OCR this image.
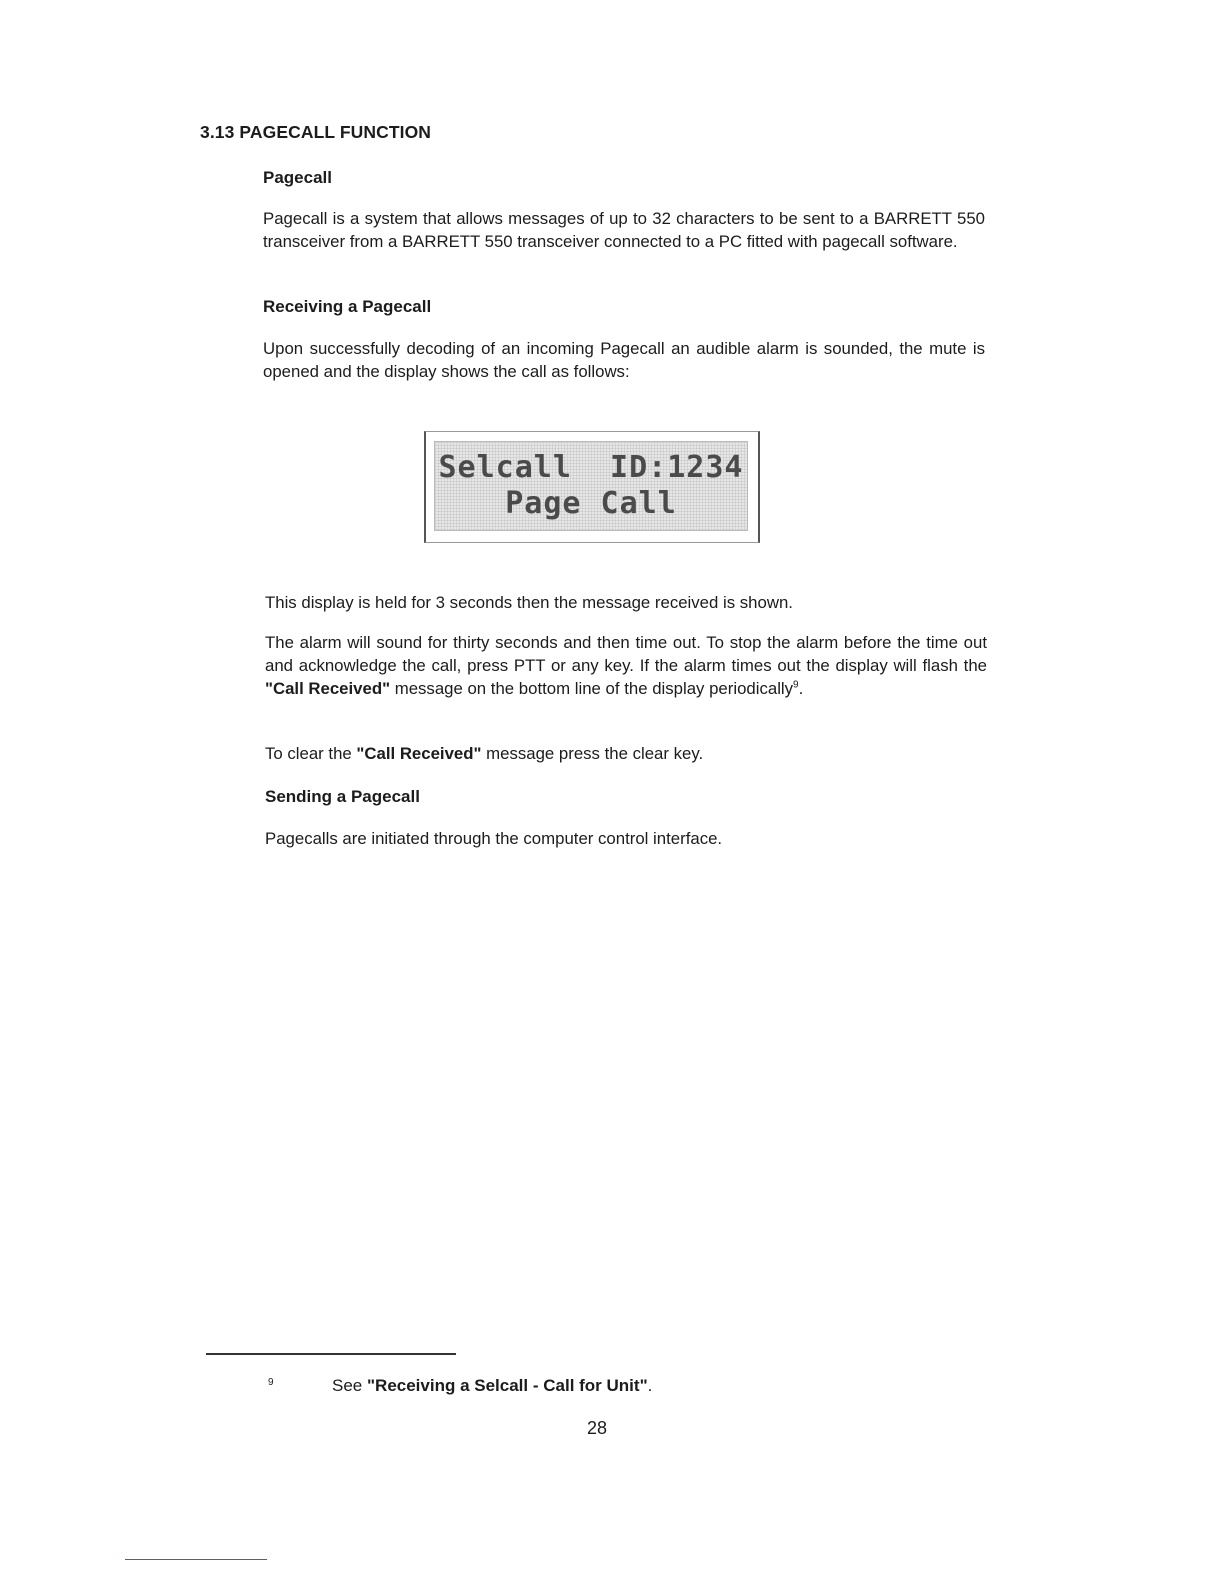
3.13 PAGECALL FUNCTION
Pagecall
Pagecall is a system that allows messages of up to 32 characters to be sent to a BARRETT 550 transceiver from a BARRETT 550 transceiver connected to a PC fitted with pagecall software.
Receiving a Pagecall
Upon successfully decoding of an incoming Pagecall an audible alarm is sounded, the mute is opened and the display shows the call as follows:
Selcall  ID:1234
Page Call
This display is held for 3 seconds then the message received is shown.
The alarm will sound for thirty seconds and then time out. To stop the alarm before the time out and acknowledge the call, press PTT or any key. If the alarm times out the display will flash the "Call Received" message on the bottom line of the display periodically$^9$.
To clear the "Call Received" message press the clear key.
Sending a Pagecall
Pagecalls are initiated through the computer control interface.
9	See "Receiving a Selcall - Call for Unit".
28
